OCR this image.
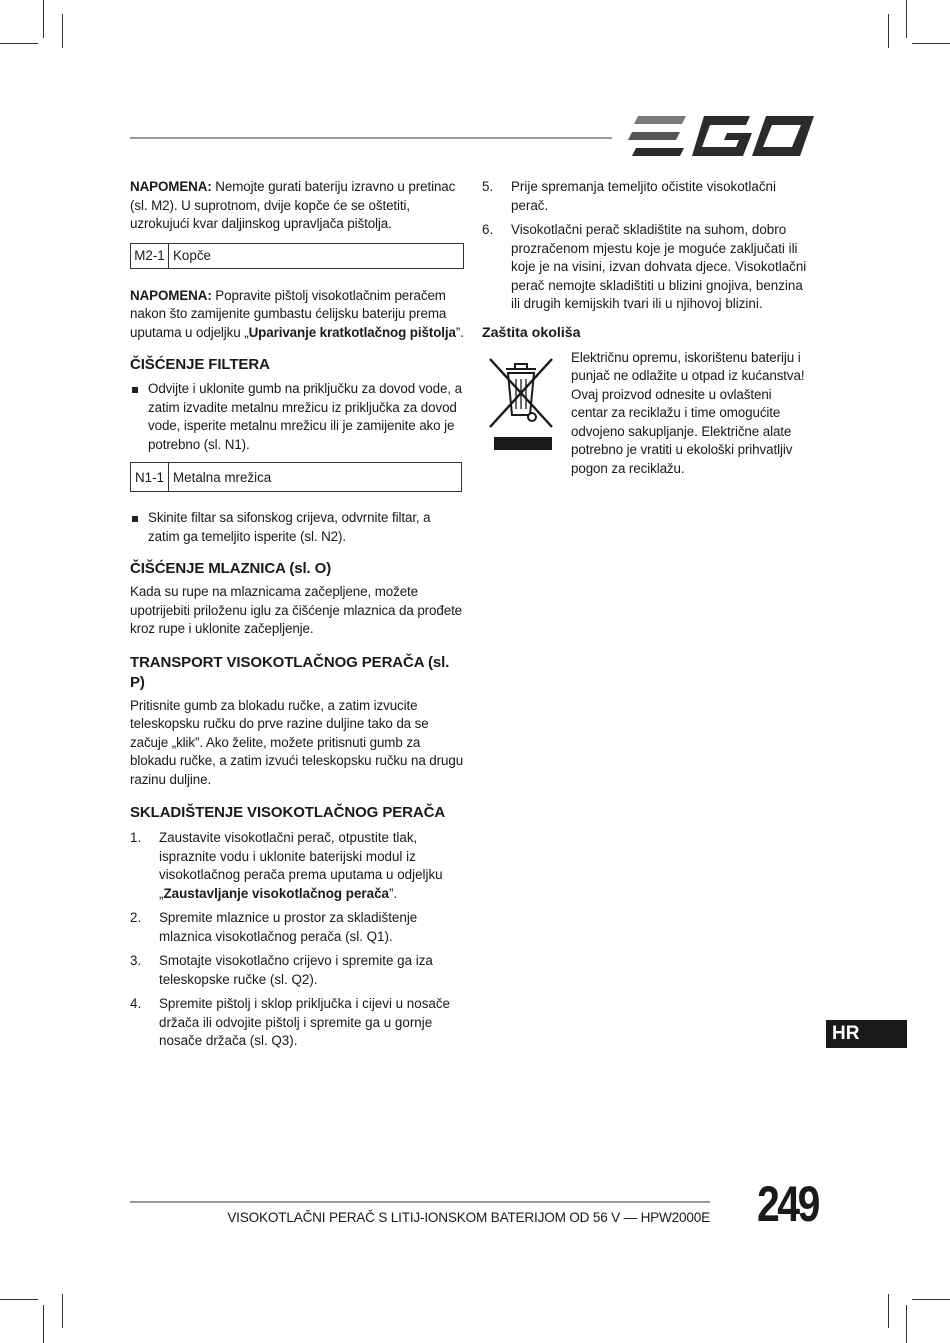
NAPOMENA: Nemojte gurati bateriju izravno u pretinac (sl. M2). U suprotnom, dvije kopče će se oštetiti, uzrokujući kvar daljinskog upravljača pištolja.

M2-1 Kopče

NAPOMENA: Popravite pištolj visokotlačnim peračem nakon što zamijenite gumbastu ćelijsku bateriju prema uputama u odjeljku „Uparivanje kratkotlačnog pištolja”.

ČIŠĆENJE FILTERA

Odvijte i uklonite gumb na priključku za dovod vode, a zatim izvadite metalnu mrežicu iz priključka za dovod vode, isperite metalnu mrežicu ili je zamijenite ako je potrebno (sl. N1).

N1-1 Metalna mrežica

Skinite filtar sa sifonskog crijeva, odvrnite filtar, a zatim ga temeljito isperite (sl. N2).

ČIŠĆENJE MLAZNICA (sl. O)

Kada su rupe na mlaznicama začepljene, možete upotrijebiti priloženu iglu za čišćenje mlaznica da prođete kroz rupe i uklonite začepljenje.

TRANSPORT VISOKOTLAČNOG PERAČA (sl. P)

Pritisnite gumb za blokadu ručke, a zatim izvucite teleskopsku ručku do prve razine duljine tako da se začuje „klik”. Ako želite, možete pritisnuti gumb za blokadu ručke, a zatim izvući teleskopsku ručku na drugu razinu duljine.

SKLADIŠTENJE VISOKOTLAČNOG PERAČA
1. Zaustavite visokotlačni perač, otpustite tlak, ispraznite vodu i uklonite baterijski modul iz visokotlačnog perača prema uputama u odjeljku „Zaustavljanje visokotlačnog perača”.
2. Spremite mlaznice u prostor za skladištenje mlaznica visokotlačnog perača (sl. Q1).
3. Smotajte visokotlačno crijevo i spremite ga iza teleskopske ručke (sl. Q2).
4. Spremite pištolj i sklop priključka i cijevi u nosače držača ili odvojite pištolj i spremite ga u gornje nosače držača (sl. Q3).
5. Prije spremanja temeljito očistite visokotlačni perač.
6. Visokotlačni perač skladištite na suhom, dobro prozračenom mjestu koje je moguće zaključati ili koje je na visini, izvan dohvata djece. Visokotlačni perač nemojte skladištiti u blizini gnojiva, benzina ili drugih kemijskih tvari ili u njihovoj blizini.
Zaštita okoliša

Električnu opremu, iskorištenu bateriju i punjač ne odlažite u otpad iz kućanstva! Ovaj proizvod odnesite u ovlašteni centar za reciklažu i time omogućite odvojeno sakupljanje. Električne alate potrebno je vratiti u ekološki prihvatljiv pogon za reciklažu.

HR
VISOKOTLAČNI PERAČ S LITIJ-IONSKOM BATERIJOM OD 56 V — HPW2000E 249
